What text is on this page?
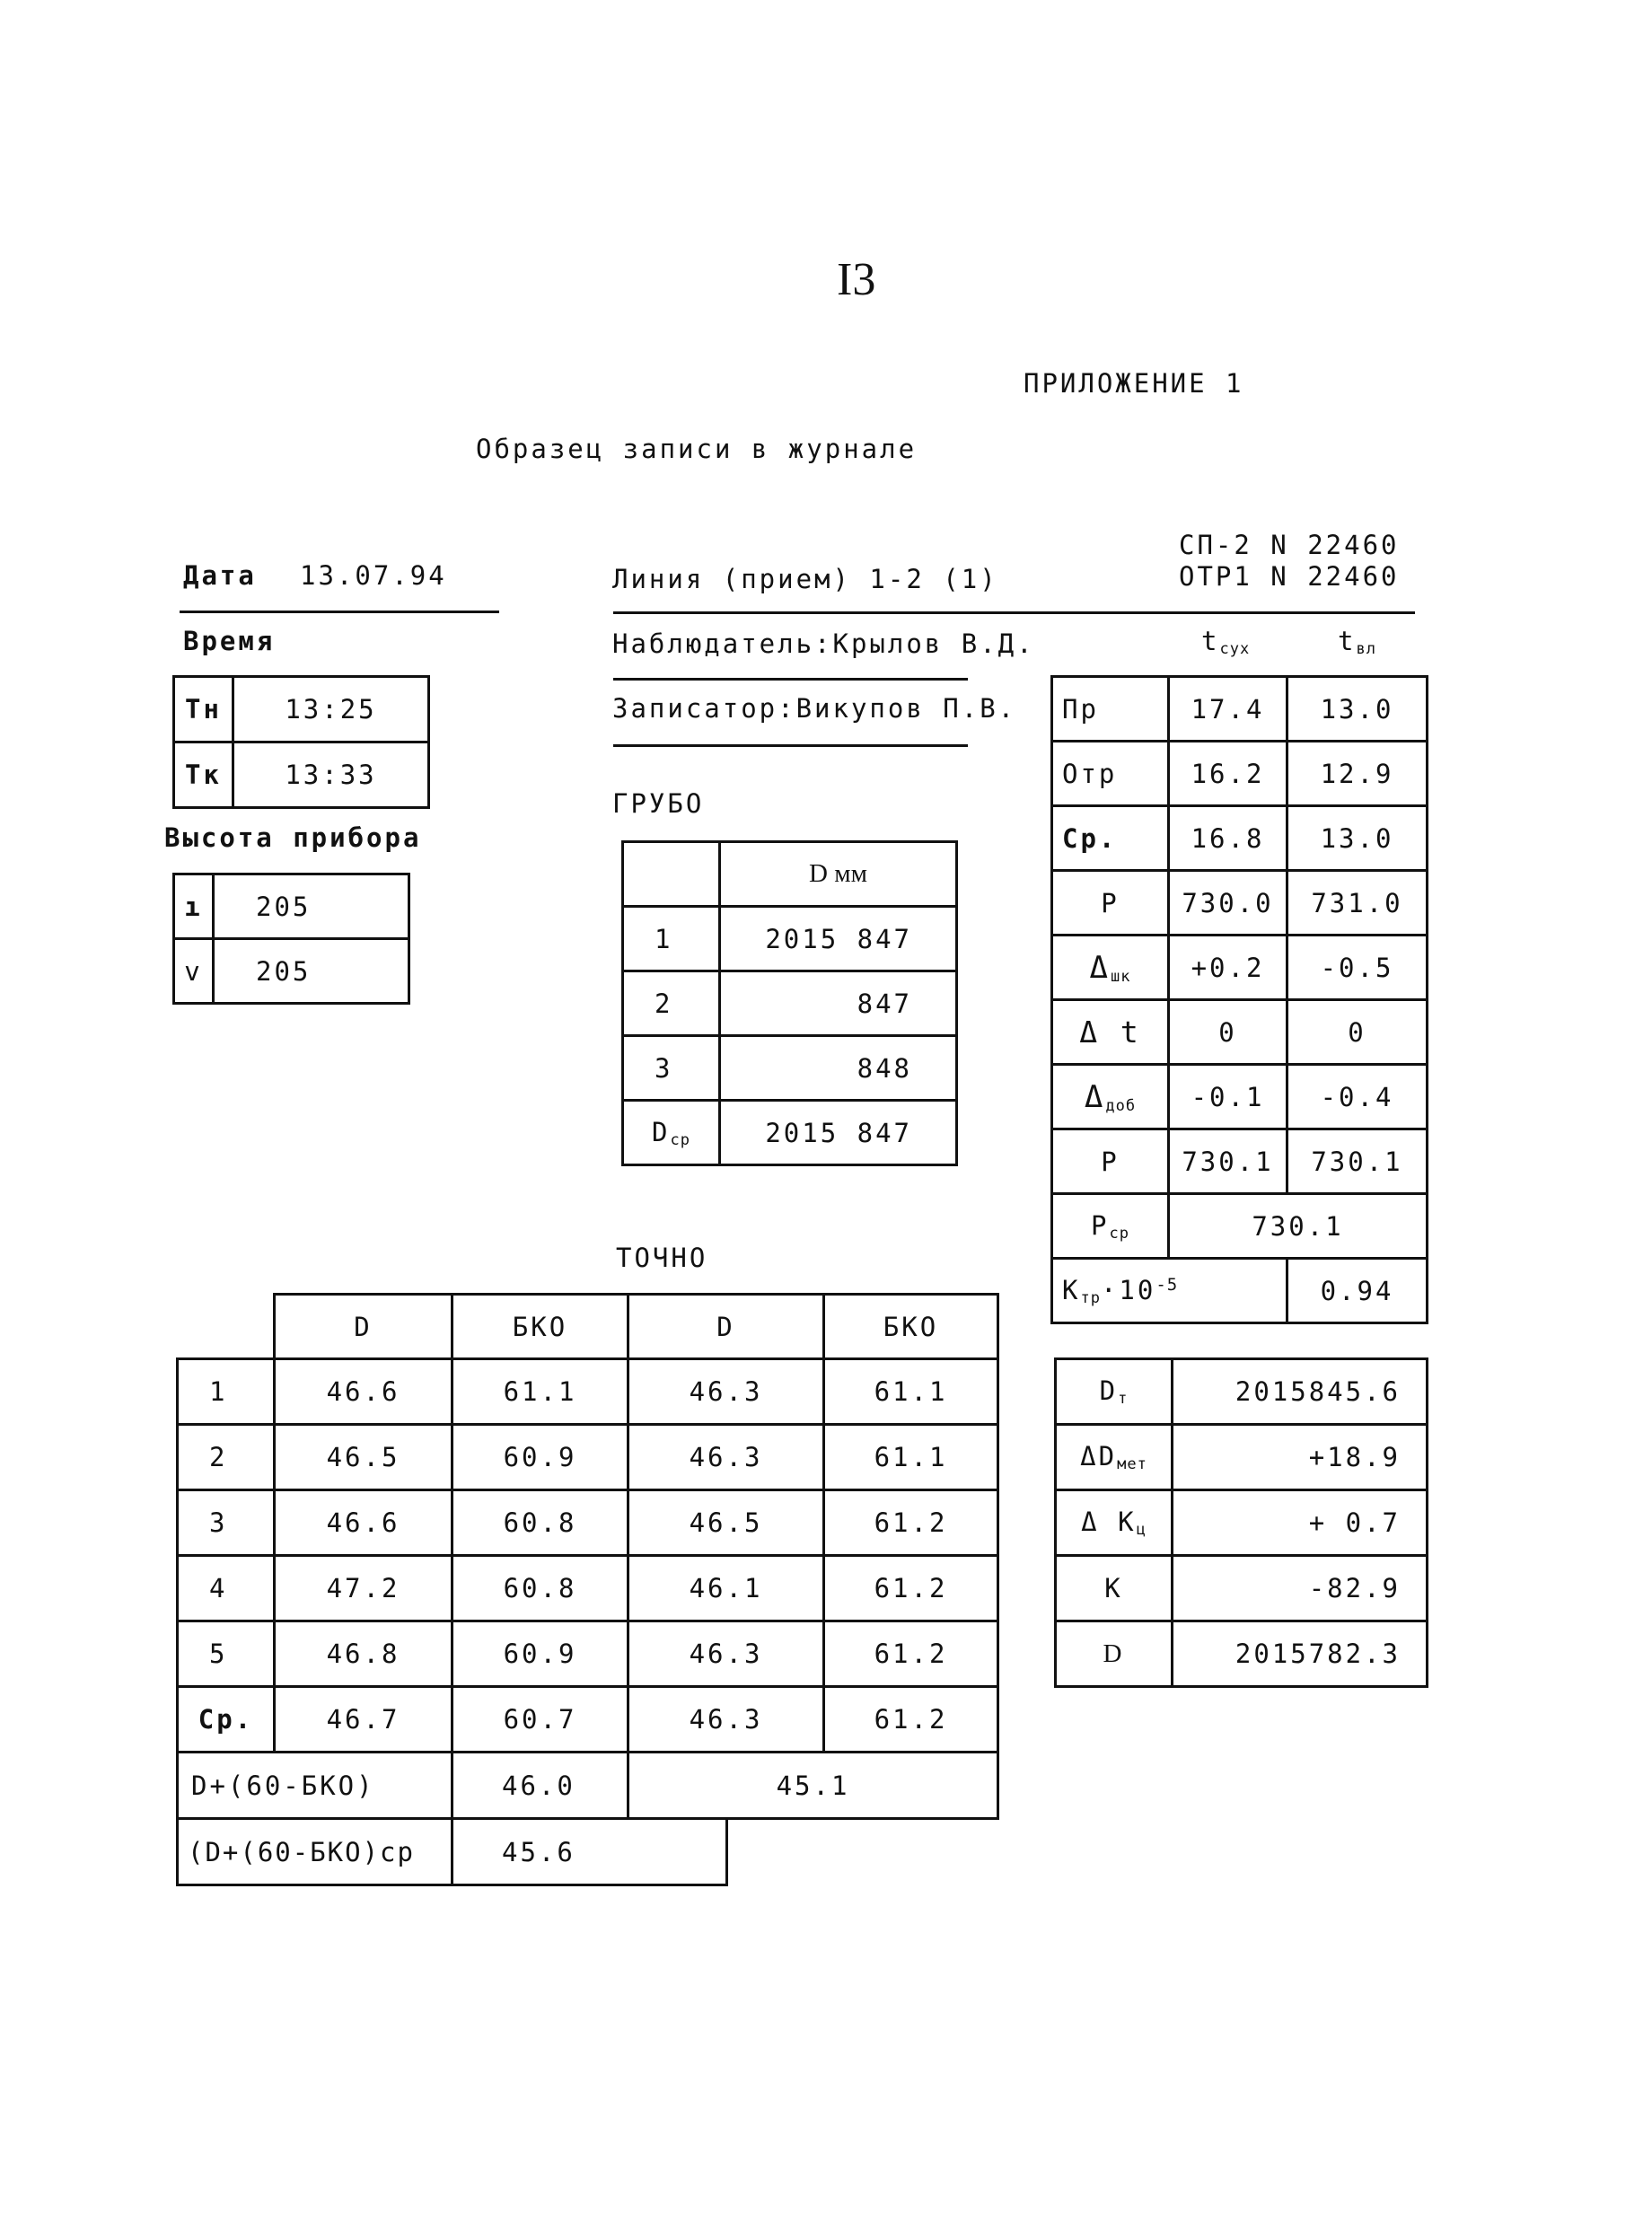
I3
ПРИЛОЖЕНИЕ 1
Образец записи в журнале
Дата 13.07.94	Линия (прием) 1-2 (1)
СП-2 N 22460
ОТР1 N 22460
Время	Наблюдатель:Крылов В.Д.
Записатор:Викупов П.В.
$t_{сух}$	$t_{вл}$
Тн	13:25
Тк	13:33
Высота прибора
ı	205
v	205
ГРУБО
	D мм
1	2015 847
2	847
3	848
$D_{ср}$	2015 847
Пр	17.4	13.0
Отр	16.2	12.9
Ср.	16.8	13.0
P	730.0	731.0
$\Delta_{шк}$	+0.2	-0.5
Δ t	0	0
$\Delta_{доб}$	-0.1	-0.4
P	730.1	730.1
$P_{ср}$	730.1	
$K_{тр}\cdot 10^{-5}$		0.94
$D_т$	2015845.6
$\Delta D_{мет}$	+18.9
Δ $K_ц$	+ 0.7
K	-82.9
D	2015782.3
ТОЧНО
	D	БКО	D		БКО
1	46.6	61.1	46.3		61.1
2	46.5	60.9	46.3		61.1
3	46.6	60.8	46.5		61.2
4	47.2	60.8	46.1		61.2
5	46.8	60.9	46.3		61.2
Ср.	46.7	60.7	46.3		61.2
D+(60-БКО)		46.0	45.1		
(D+(60-БКО)ср		45.6			
